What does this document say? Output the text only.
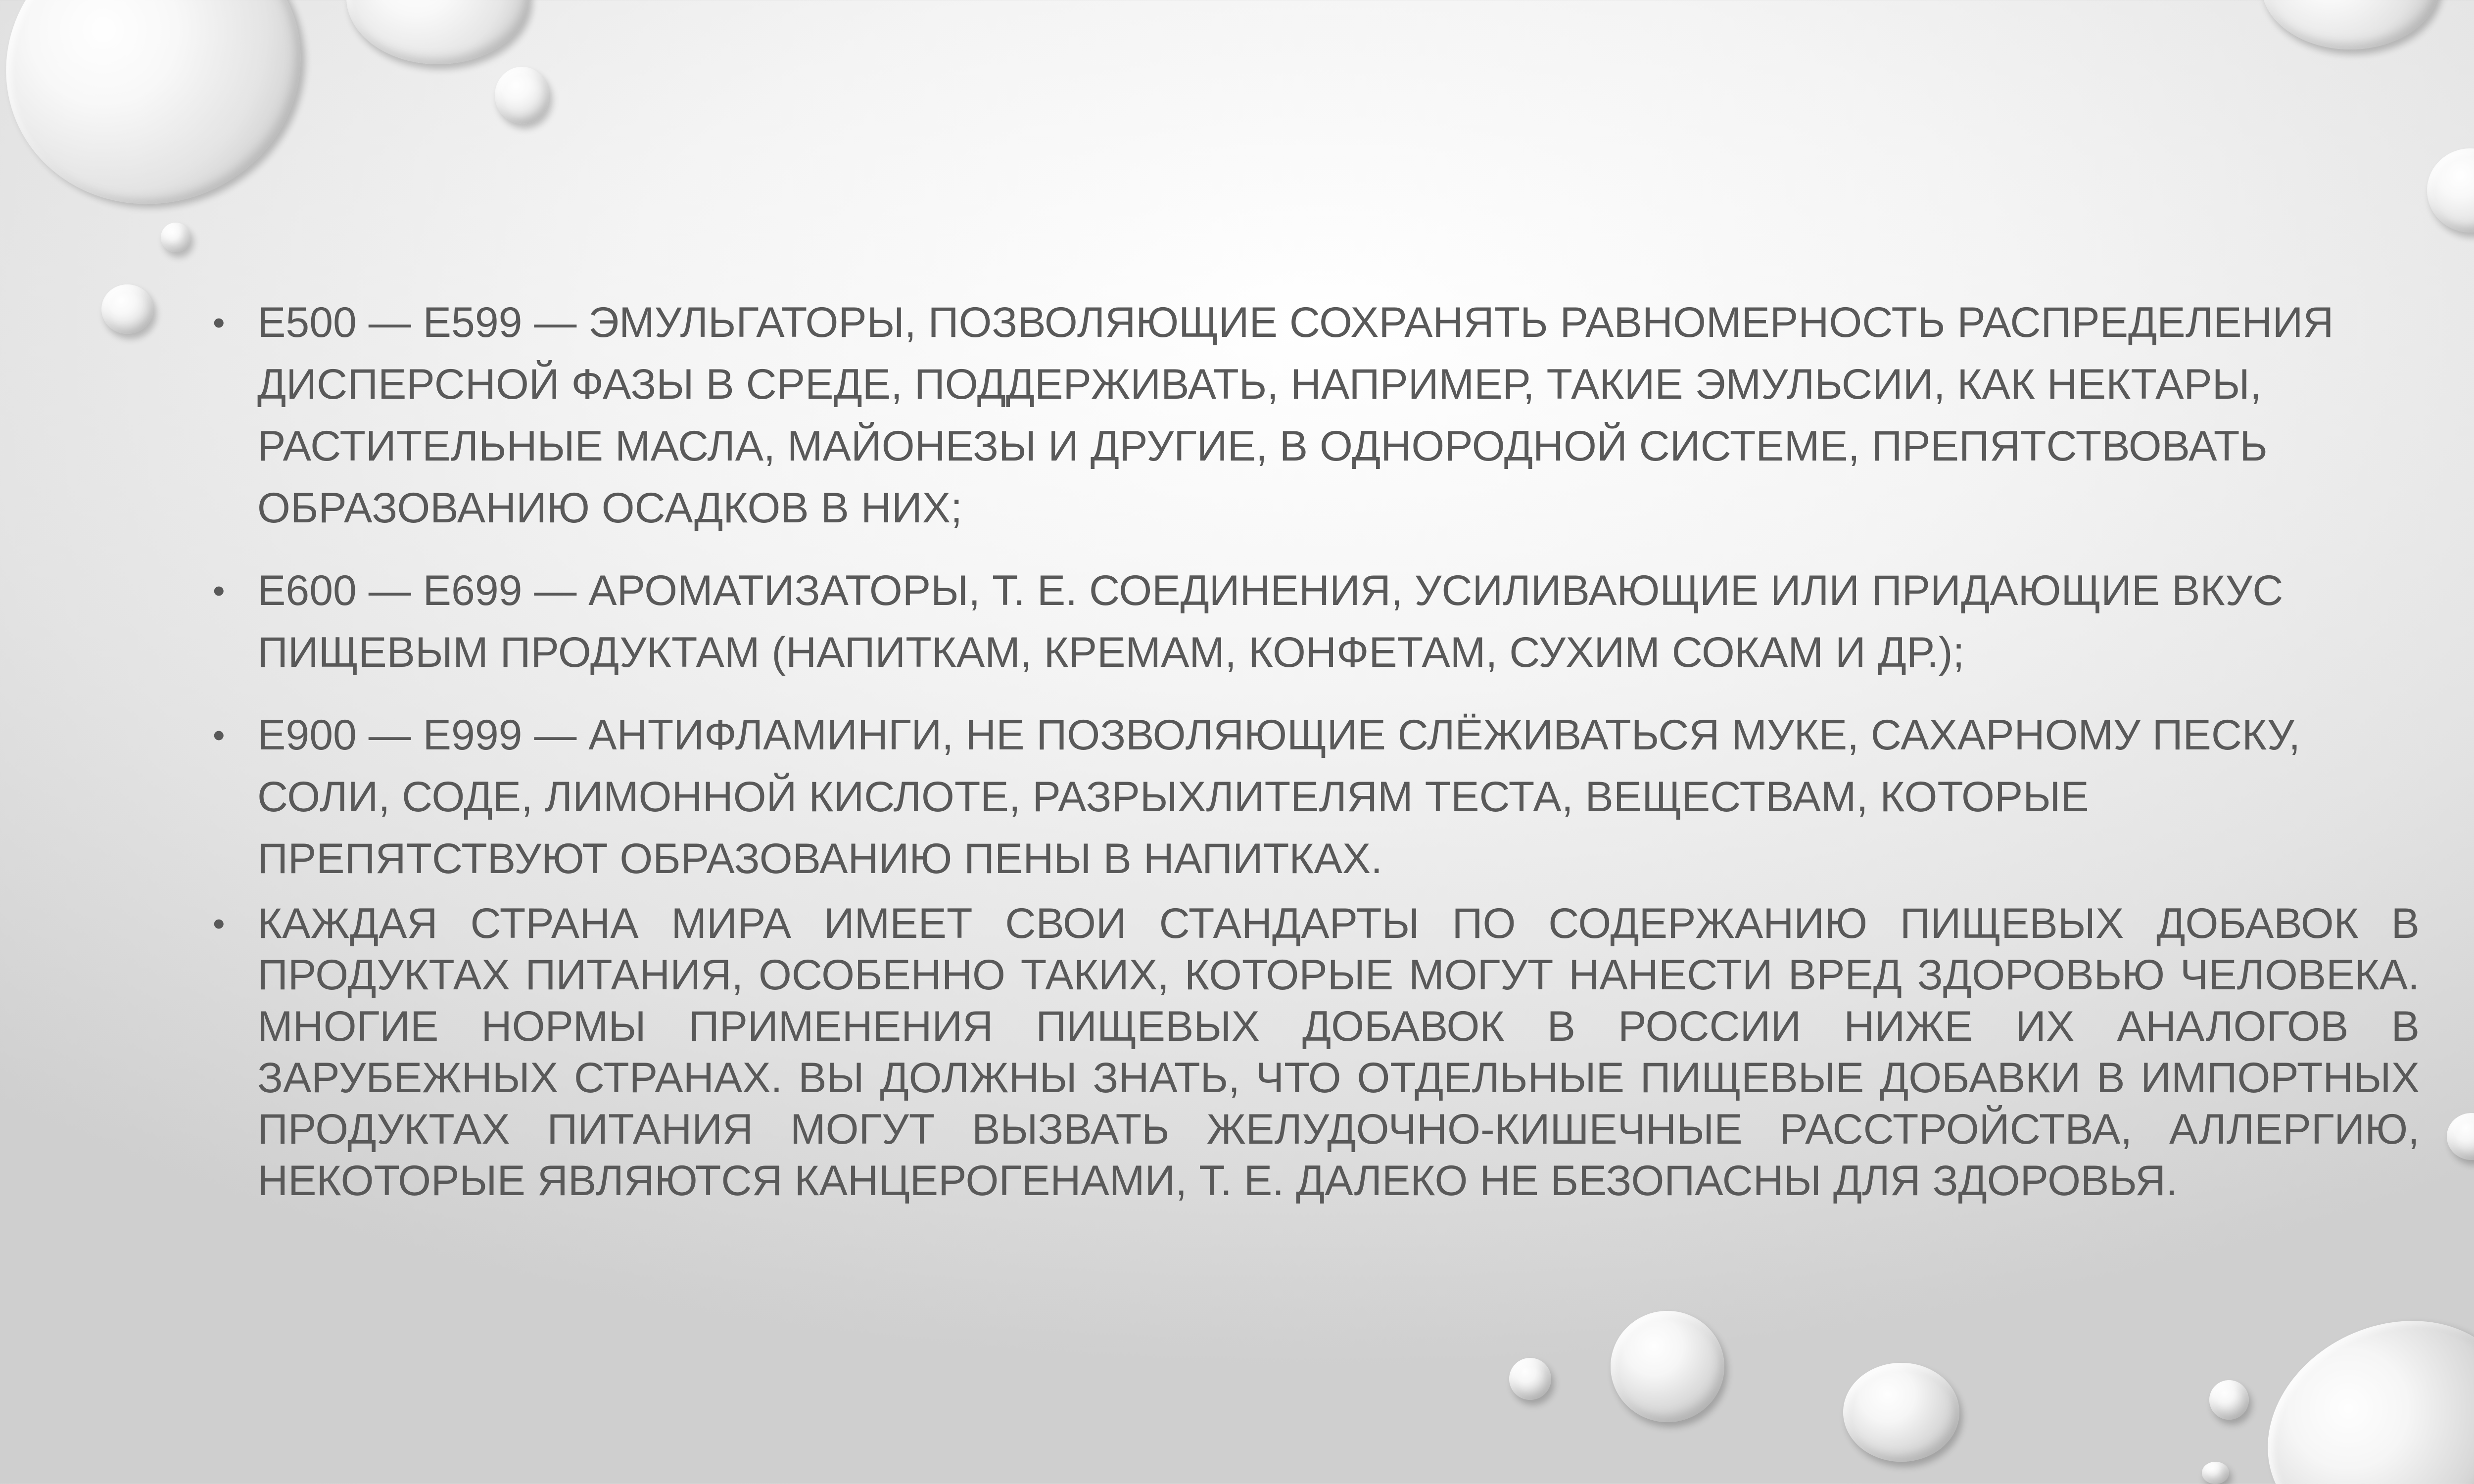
• Е500 — Е599 — ЭМУЛЬГАТОРЫ, ПОЗВОЛЯЮЩИЕ СОХРАНЯТЬ РАВНОМЕРНОСТЬ РАСПРЕДЕЛЕНИЯ ДИСПЕРСНОЙ ФАЗЫ В СРЕДЕ, ПОДДЕРЖИВАТЬ, НАПРИМЕР, ТАКИЕ ЭМУЛЬСИИ, КАК НЕКТАРЫ, РАСТИТЕЛЬНЫЕ МАСЛА, МАЙОНЕЗЫ И ДРУГИЕ, В ОДНОРОДНОЙ СИСТЕМЕ, ПРЕПЯТСТВОВАТЬ ОБРАЗОВАНИЮ ОСАДКОВ В НИХ;
• Е600 — Е699 — АРОМАТИЗАТОРЫ, Т. Е. СОЕДИНЕНИЯ, УСИЛИВАЮЩИЕ ИЛИ ПРИДАЮЩИЕ ВКУС ПИЩЕВЫМ ПРОДУКТАМ (НАПИТКАМ, КРЕМАМ, КОНФЕТАМ, СУХИМ СОКАМ И ДР.);
• Е900 — Е999 — АНТИФЛАМИНГИ, НЕ ПОЗВОЛЯЮЩИЕ СЛЁЖИВАТЬСЯ МУКЕ, САХАРНОМУ ПЕСКУ, СОЛИ, СОДЕ, ЛИМОННОЙ КИСЛОТЕ, РАЗРЫХЛИТЕЛЯМ ТЕСТА, ВЕЩЕСТВАМ, КОТОРЫЕ ПРЕПЯТСТВУЮТ ОБРАЗОВАНИЮ ПЕНЫ В НАПИТКАХ.
• КАЖДАЯ СТРАНА МИРА ИМЕЕТ СВОИ СТАНДАРТЫ ПО СОДЕРЖАНИЮ ПИЩЕВЫХ ДОБАВОК В ПРОДУКТАХ ПИТАНИЯ, ОСОБЕННО ТАКИХ, КОТОРЫЕ МОГУТ НАНЕСТИ ВРЕД ЗДОРОВЬЮ ЧЕЛОВЕКА. МНОГИЕ НОРМЫ ПРИМЕНЕНИЯ ПИЩЕВЫХ ДОБАВОК В РОССИИ НИЖЕ ИХ АНАЛОГОВ В ЗАРУБЕЖНЫХ СТРАНАХ. ВЫ ДОЛЖНЫ ЗНАТЬ, ЧТО ОТДЕЛЬНЫЕ ПИЩЕВЫЕ ДОБАВКИ В ИМПОРТНЫХ ПРОДУКТАХ ПИТАНИЯ МОГУТ ВЫЗВАТЬ ЖЕЛУДОЧНО-КИШЕЧНЫЕ РАССТРОЙСТВА, АЛЛЕРГИЮ, НЕКОТОРЫЕ ЯВЛЯЮТСЯ КАНЦЕРОГЕНАМИ, Т. Е. ДАЛЕКО НЕ БЕЗОПАСНЫ ДЛЯ ЗДОРОВЬЯ.
